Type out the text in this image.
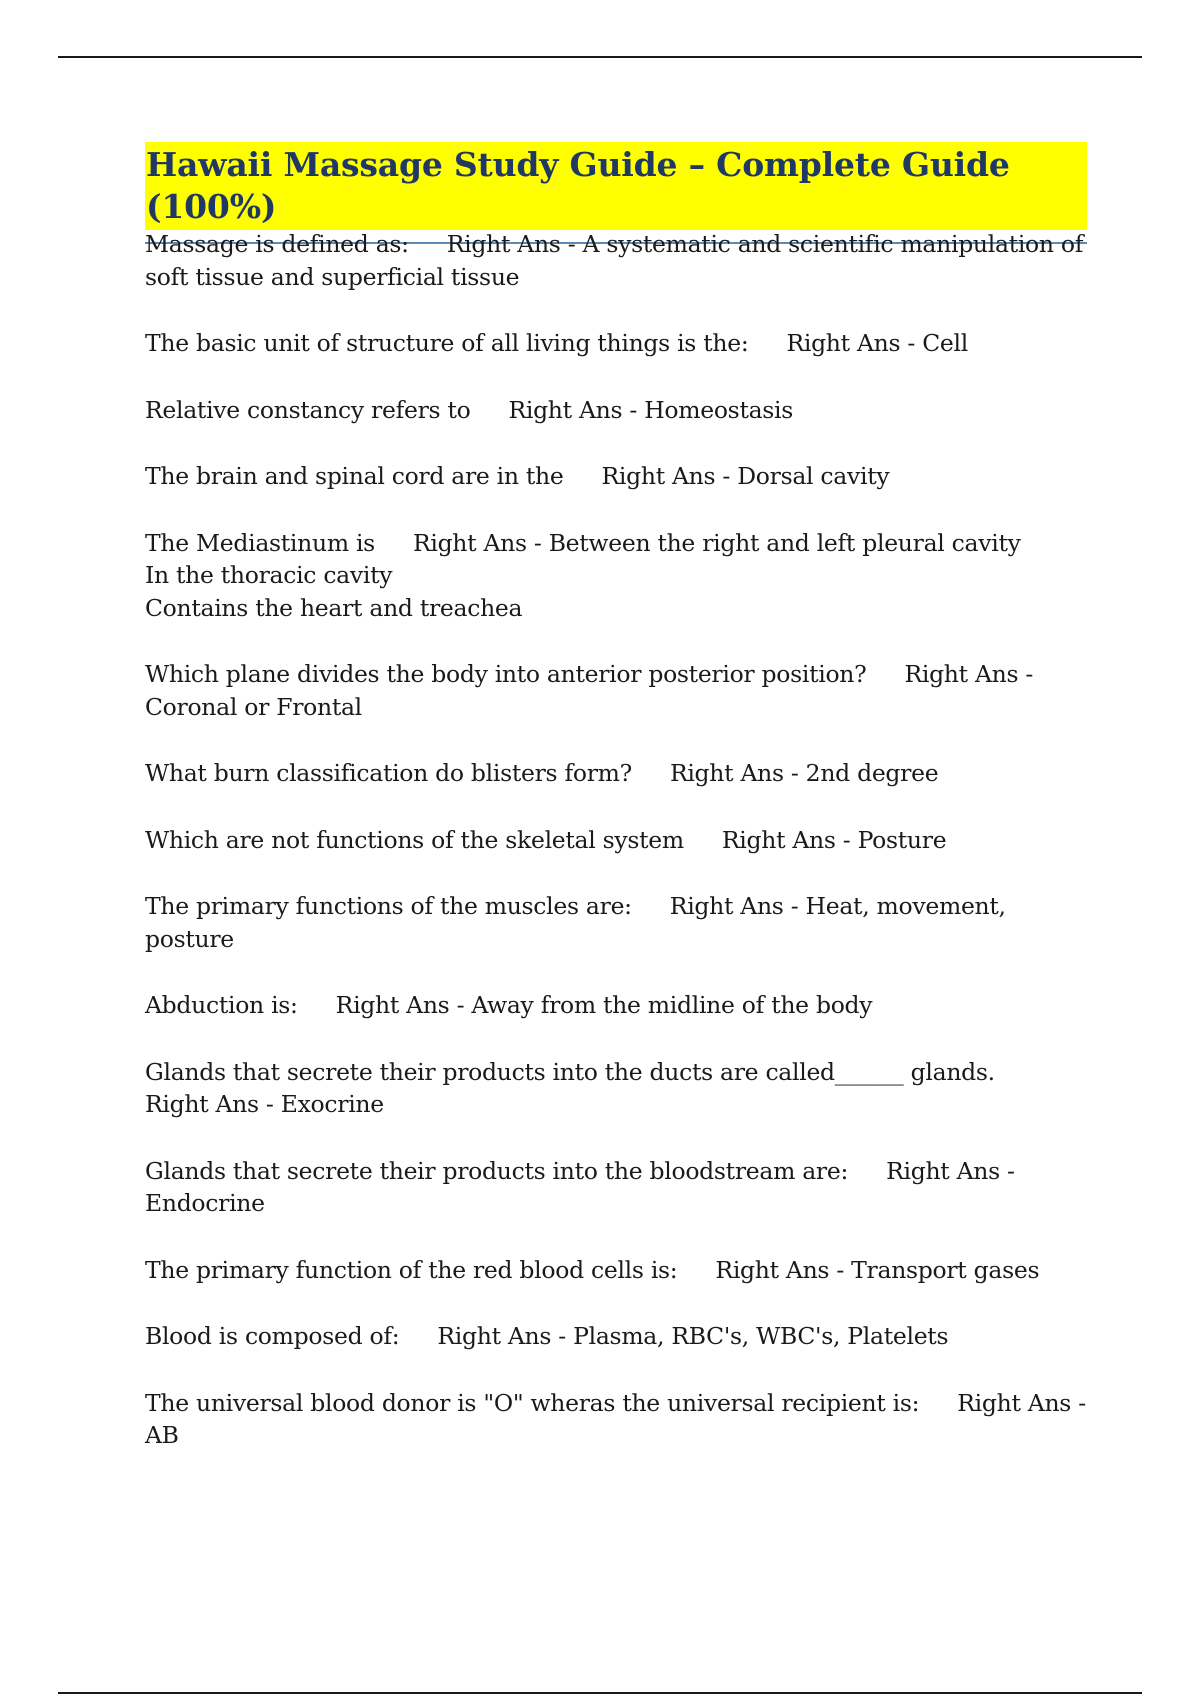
Hawaii Massage Study Guide – Complete Guide (100%)
Massage is defined as: Right Ans - A systematic and scientific manipulation of soft tissue and superficial tissue
The basic unit of structure of all living things is the: Right Ans - Cell
Relative constancy refers to Right Ans - Homeostasis
The brain and spinal cord are in the Right Ans - Dorsal cavity
The Mediastinum is Right Ans - Between the right and left pleural cavity
In the thoracic cavity
Contains the heart and treachea
Which plane divides the body into anterior posterior position? Right Ans - Coronal or Frontal
What burn classification do blisters form? Right Ans - 2nd degree
Which are not functions of the skeletal system Right Ans - Posture
The primary functions of the muscles are: Right Ans - Heat, movement, posture
Abduction is: Right Ans - Away from the midline of the body
Glands that secrete their products into the ducts are called______ glands.Right Ans - Exocrine
Glands that secrete their products into the bloodstream are: Right Ans - Endocrine
The primary function of the red blood cells is: Right Ans - Transport gases
Blood is composed of: Right Ans - Plasma, RBC's, WBC's, Platelets
The universal blood donor is "O" wheras the universal recipient is: Right Ans - AB
